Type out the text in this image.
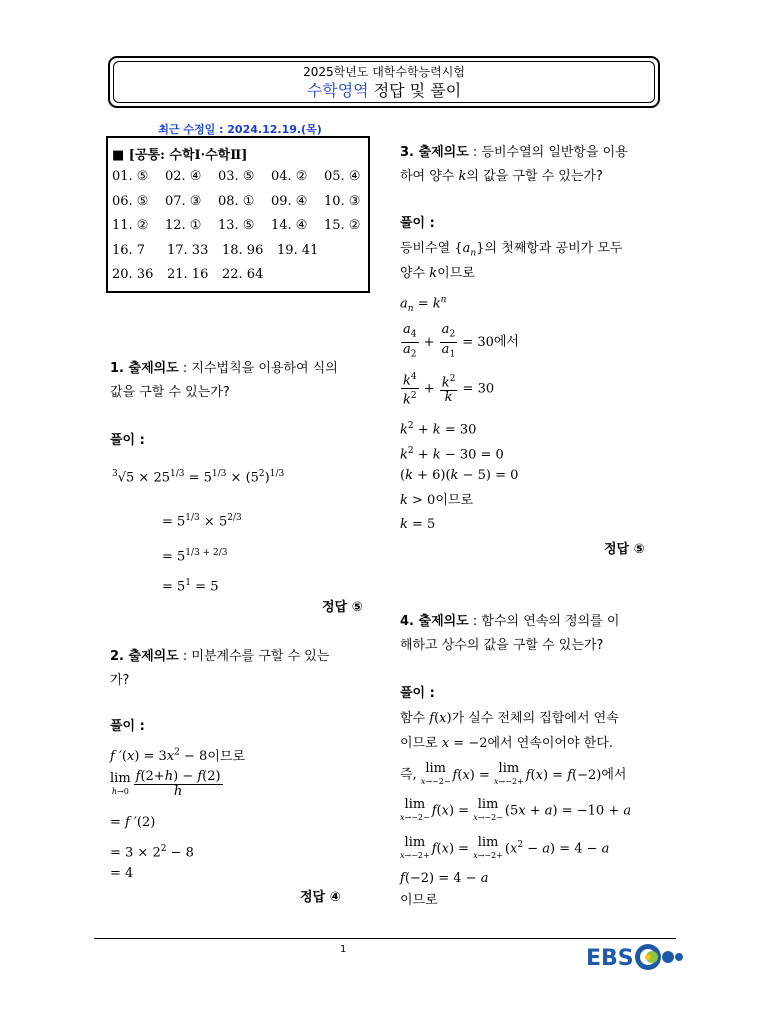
2025학년도 대학수학능력시험
수학영역 정답 및 풀이
최근 수정일 : 2024.12.19.(목)
■ [공통: 수학Ⅰ·수학Ⅱ]
01. ⑤ 02. ④ 03. ⑤ 04. ② 05. ④
06. ⑤ 07. ③ 08. ① 09. ④ 10. ③
11. ② 12. ① 13. ⑤ 14. ④ 15. ②
16. 7 17. 33 18. 96 19. 41
20. 36 21. 16 22. 64
1. 출제의도 : 지수법칙을 이용하여 식의
값을 구할 수 있는가?
풀이 :
$^3√5 \times 25^{1/3} = 5^{1/3} \times (5^2)^{1/3}$
= $5^{1/3} \times 5^{2/3}$
= $5^{1/3 + 2/3}$
= $5^1 = 5$
정답 ⑤
2. 출제의도 : 미분계수를 구할 수 있는
가?
풀이 :
f $'(x) = 3x^2 - 8$이므로
lim
$h\to 0 \frac{f(2+h) - f(2)}{h}$
= f ′(2)
= $3 \times 2^2 - 8$
= 4
정답 ④
3. 출제의도 : 등비수열의 일반항을 이용
하여 양수 k의 값을 구할 수 있는가?
풀이 :
등비수열 $\{a_n\}$의 첫째항과 공비가 모두
양수 k이므로
$a_n = k^n$
$\frac{a_4}{a_2} + \frac{a_2}{a_1} = 30$에서
$\frac{k^4}{k^2} + \frac{k^2}{k} = 30$
$k^2 + k = 30$
$k^2 + k - 30 = 0$
(k + 6)(k − 5) = 0
k > 0이므로
k = 5
정답 ⑤
4. 출제의도 : 함수의 연속의 정의를 이
해하고 상수의 값을 구할 수 있는가?
풀이 :
함수 f(x)가 실수 전체의 집합에서 연속
이므로 x = −2에서 연속이어야 한다.
즉, lim
x→−2− f(x) = lim
x→−2+ f(x) = f(−2)에서
lim
x→−2− f(x) = lim
x→−2− (5x + a) = −10 + a
lim
x→−2+ f(x) = lim
$x\to-2+ (x^2 - a) = 4 - a$
f(−2) = 4 − a
이므로
1	EBS
